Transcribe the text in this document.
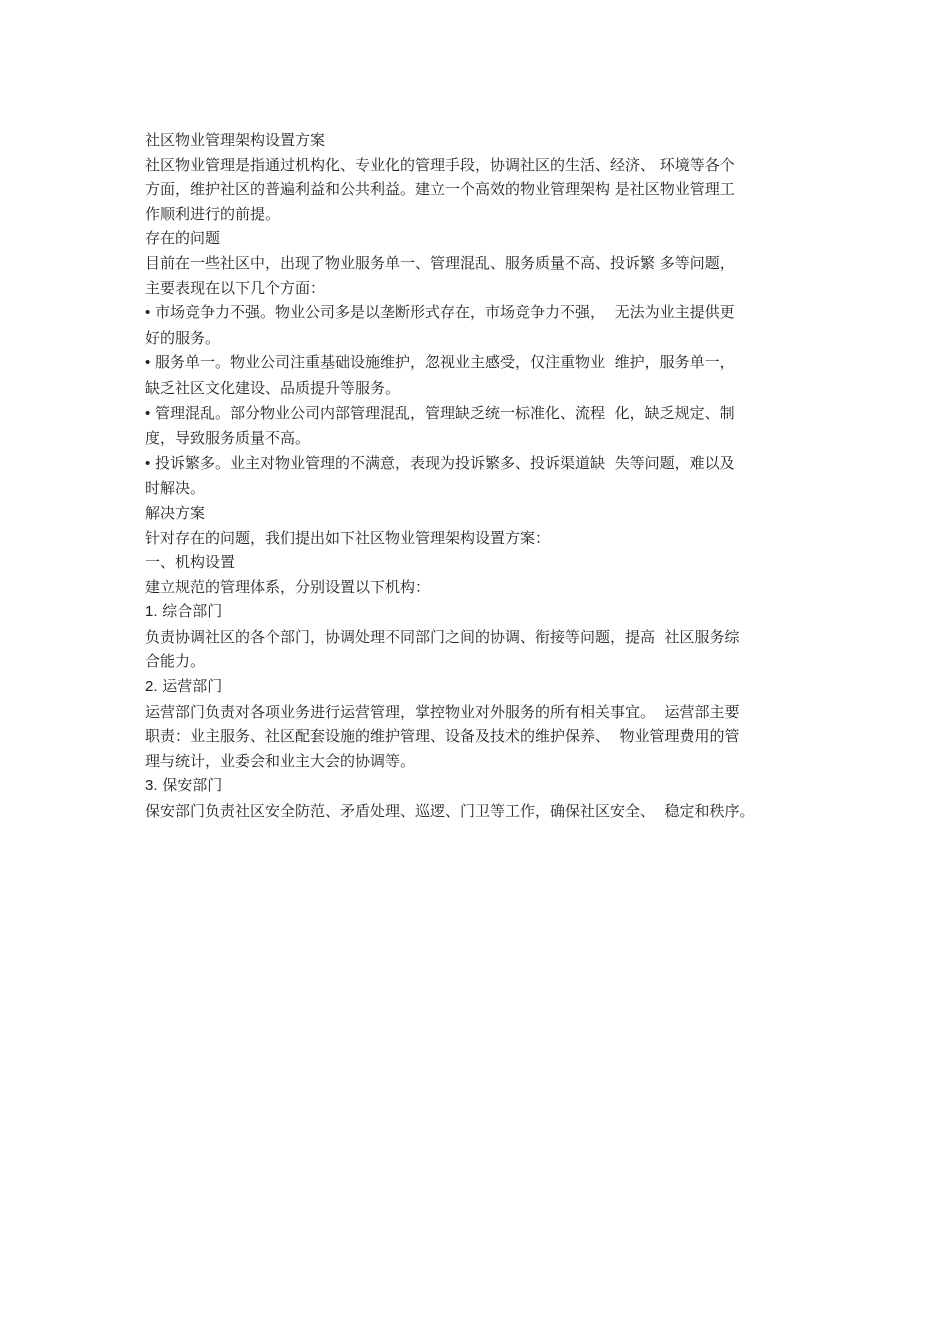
社区物业管理架构设置方案

社区物业管理是指通过机构化、专业化的管理手段，协调社区的生活、经济、 环境等各个

方面，维护社区的普遍利益和公共利益。建立一个高效的物业管理架构 是社区物业管理工

作顺利进行的前提。

存在的问题

目前在一些社区中，出现了物业服务单一、管理混乱、服务质量不高、投诉繁 多等问题，

主要表现在以下几个方面：

• 市场竞争力不强。物业公司多是以垄断形式存在，市场竞争力不强，  无法为业主提供更

好的服务。

• 服务单一。物业公司注重基础设施维护，忽视业主感受，仅注重物业  维护，服务单一，

缺乏社区文化建设、品质提升等服务。

• 管理混乱。部分物业公司内部管理混乱，管理缺乏统一标准化、流程  化，缺乏规定、制

度，导致服务质量不高。

• 投诉繁多。业主对物业管理的不满意，表现为投诉繁多、投诉渠道缺  失等问题，难以及

时解决。

解决方案

针对存在的问题，我们提出如下社区物业管理架构设置方案：

一、机构设置

建立规范的管理体系，分别设置以下机构：

1. 综合部门

负责协调社区的各个部门，协调处理不同部门之间的协调、衔接等问题，提高  社区服务综

合能力。

2. 运营部门

运营部门负责对各项业务进行运营管理，掌控物业对外服务的所有相关事宜。  运营部主要

职责：业主服务、社区配套设施的维护管理、设备及技术的维护保养、  物业管理费用的管

理与统计，业委会和业主大会的协调等。

3. 保安部门

保安部门负责社区安全防范、矛盾处理、巡逻、门卫等工作，确保社区安全、  稳定和秩序。
